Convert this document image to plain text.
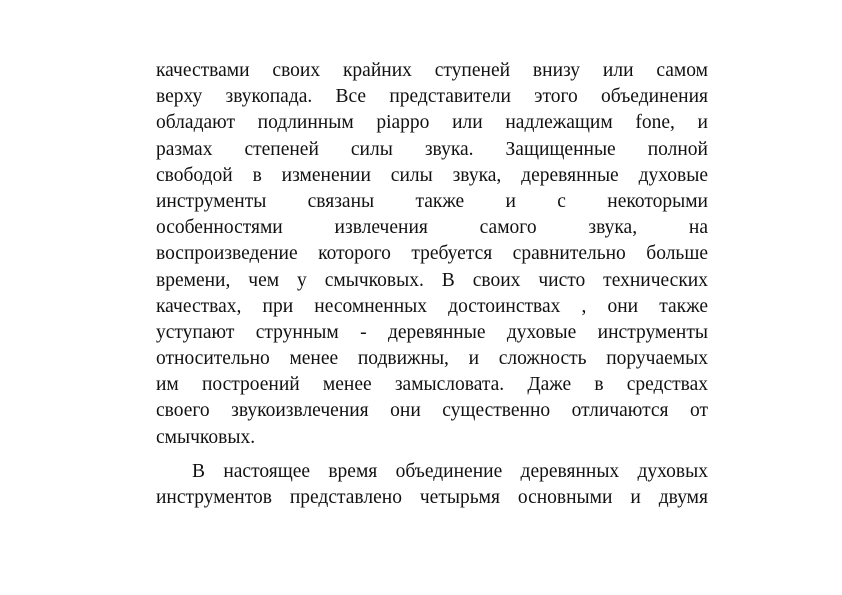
качествами своих крайних ступеней внизу или самом
верху звукопада. Все представители этого объединения
обладают подлинным piappo или надлежащим fone, и
размах степеней силы звука. Защищенные полной
свободой в изменении силы звука, деревянные духовые
инструменты связаны также и с некоторыми
особенностями извлечения самого звука, на
воспроизведение которого требуется сравнительно больше
времени, чем у смычковых. В своих чисто технических
качествах, при несомненных достоинствах , они также
уступают струнным - деревянные духовые инструменты
относительно менее подвижны, и сложность поручаемых
им построений менее замысловата. Даже в средствах
своего звукоизвлечения они существенно отличаются от
смычковых.
В настоящее время объединение деревянных духовых
инструментов представлено четырьмя основными и двумя
